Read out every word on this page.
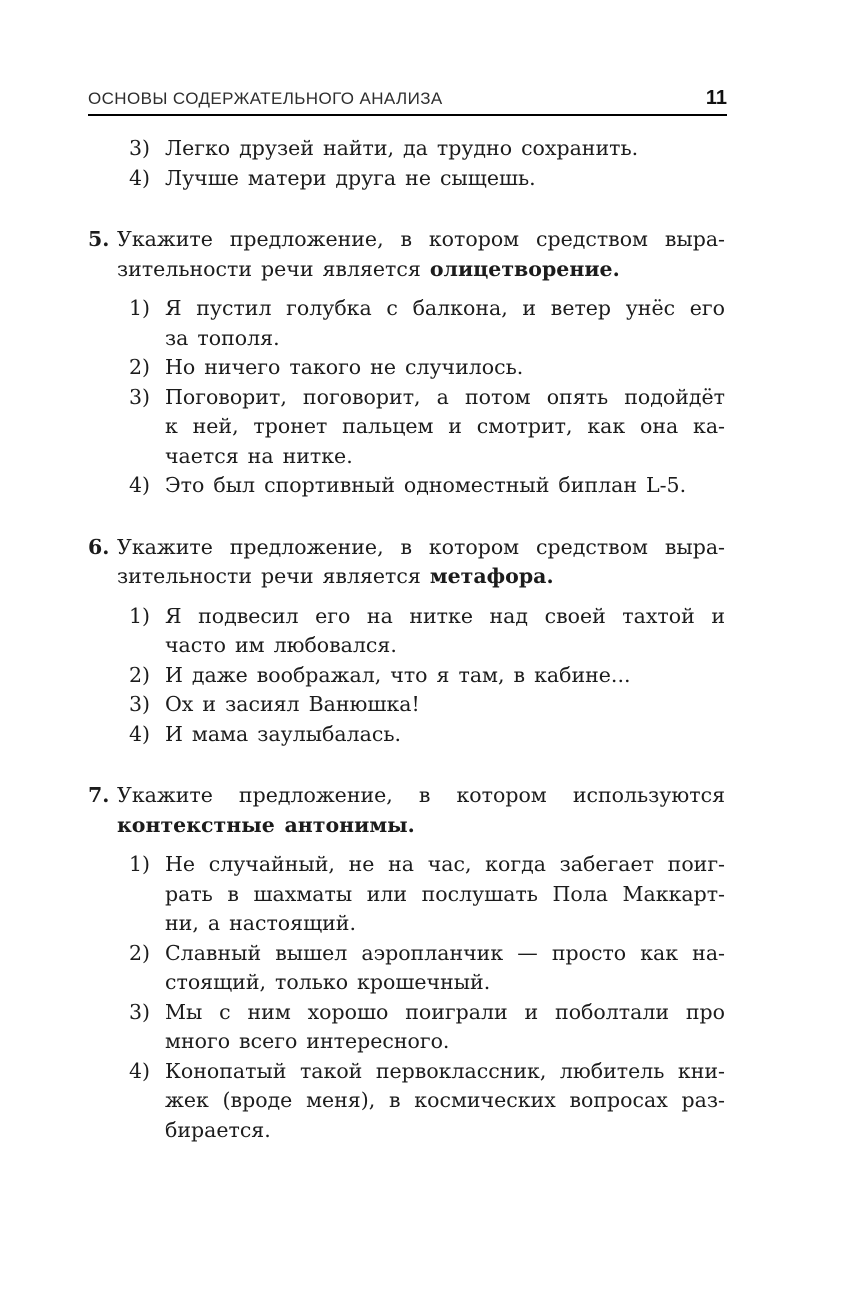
ОСНОВЫ СОДЕРЖАТЕЛЬНОГО АНАЛИЗА	11
3) Легко друзей найти, да трудно сохранить.
4) Лучше матери друга не сыщешь.
5. Укажите предложение, в котором средством выра-
зительности речи является олицетворение.
1) Я пустил голубка с балкона, и ветер унёс его
за тополя.
2) Но ничего такого не случилось.
3) Поговорит, поговорит, а потом опять подойдёт
к ней, тронет пальцем и смотрит, как она ка-
чается на нитке.
4) Это был спортивный одноместный биплан L-5.
6. Укажите предложение, в котором средством выра-
зительности речи является метафора.
1) Я подвесил его на нитке над своей тахтой и
часто им любовался.
2) И даже воображал, что я там, в кабине...
3) Ох и засиял Ванюшка!
4) И мама заулыбалась.
7. Укажите предложение, в котором используются
контекстные антонимы.
1) Не случайный, не на час, когда забегает поиг-
рать в шахматы или послушать Пола Маккарт-
ни, а настоящий.
2) Славный вышел аэропланчик — просто как на-
стоящий, только крошечный.
3) Мы с ним хорошо поиграли и поболтали про
много всего интересного.
4) Конопатый такой первоклассник, любитель кни-
жек (вроде меня), в космических вопросах раз-
бирается.
